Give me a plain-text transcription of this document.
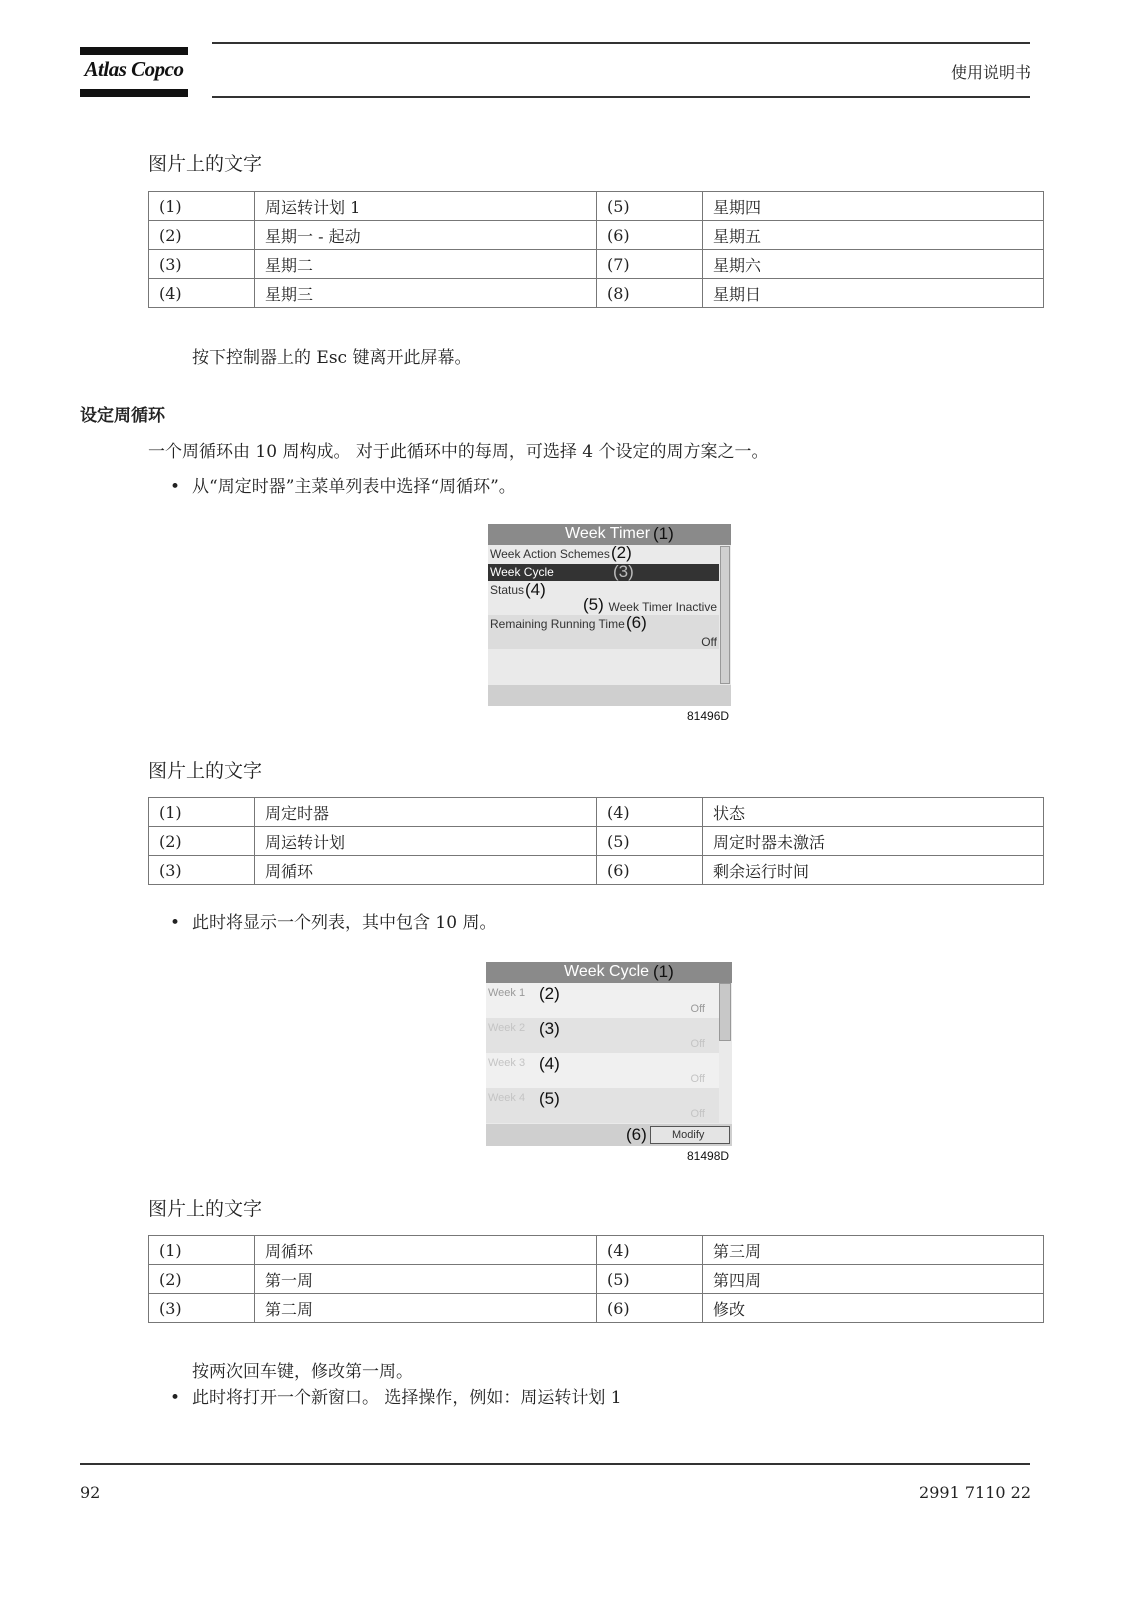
Atlas Copco	使用说明书
图片上的文字
(1)	周运转计划 1	(5)	星期四
(2)	星期一 - 起动	(6)	星期五
(3)	星期二	(7)	星期六
(4)	星期三	(8)	星期日
按下控制器上的 Esc 键离开此屏幕。
设定周循环
一个周循环由 10 周构成。 对于此循环中的每周，可选择 4 个设定的周方案之一。
• 从“周定时器”主菜单列表中选择“周循环”。
Week Timer (1)
Week Action Schemes (2)
Week Cycle	(3)
Status (4)
(5) Week Timer Inactive
Remaining Running Time (6)
Off
81496D
图片上的文字
(1)	周定时器	(4)	状态
(2)	周运转计划	(5)	周定时器未激活
(3)	周循环	(6)	剩余运行时间
• 此时将显示一个列表，其中包含 10 周。
Week Cycle (1)
Week 1 (2)
Off
Week 2 (3)
Off
Week 3 (4)
Off
Week 4 (5)
Off
(6)	Modify
81498D
图片上的文字
(1)	周循环	(4)	第三周
(2)	第一周	(5)	第四周
(3)	第二周	(6)	修改
按两次回车键，修改第一周。
• 此时将打开一个新窗口。 选择操作，例如：周运转计划 1
92	2991 7110 22
